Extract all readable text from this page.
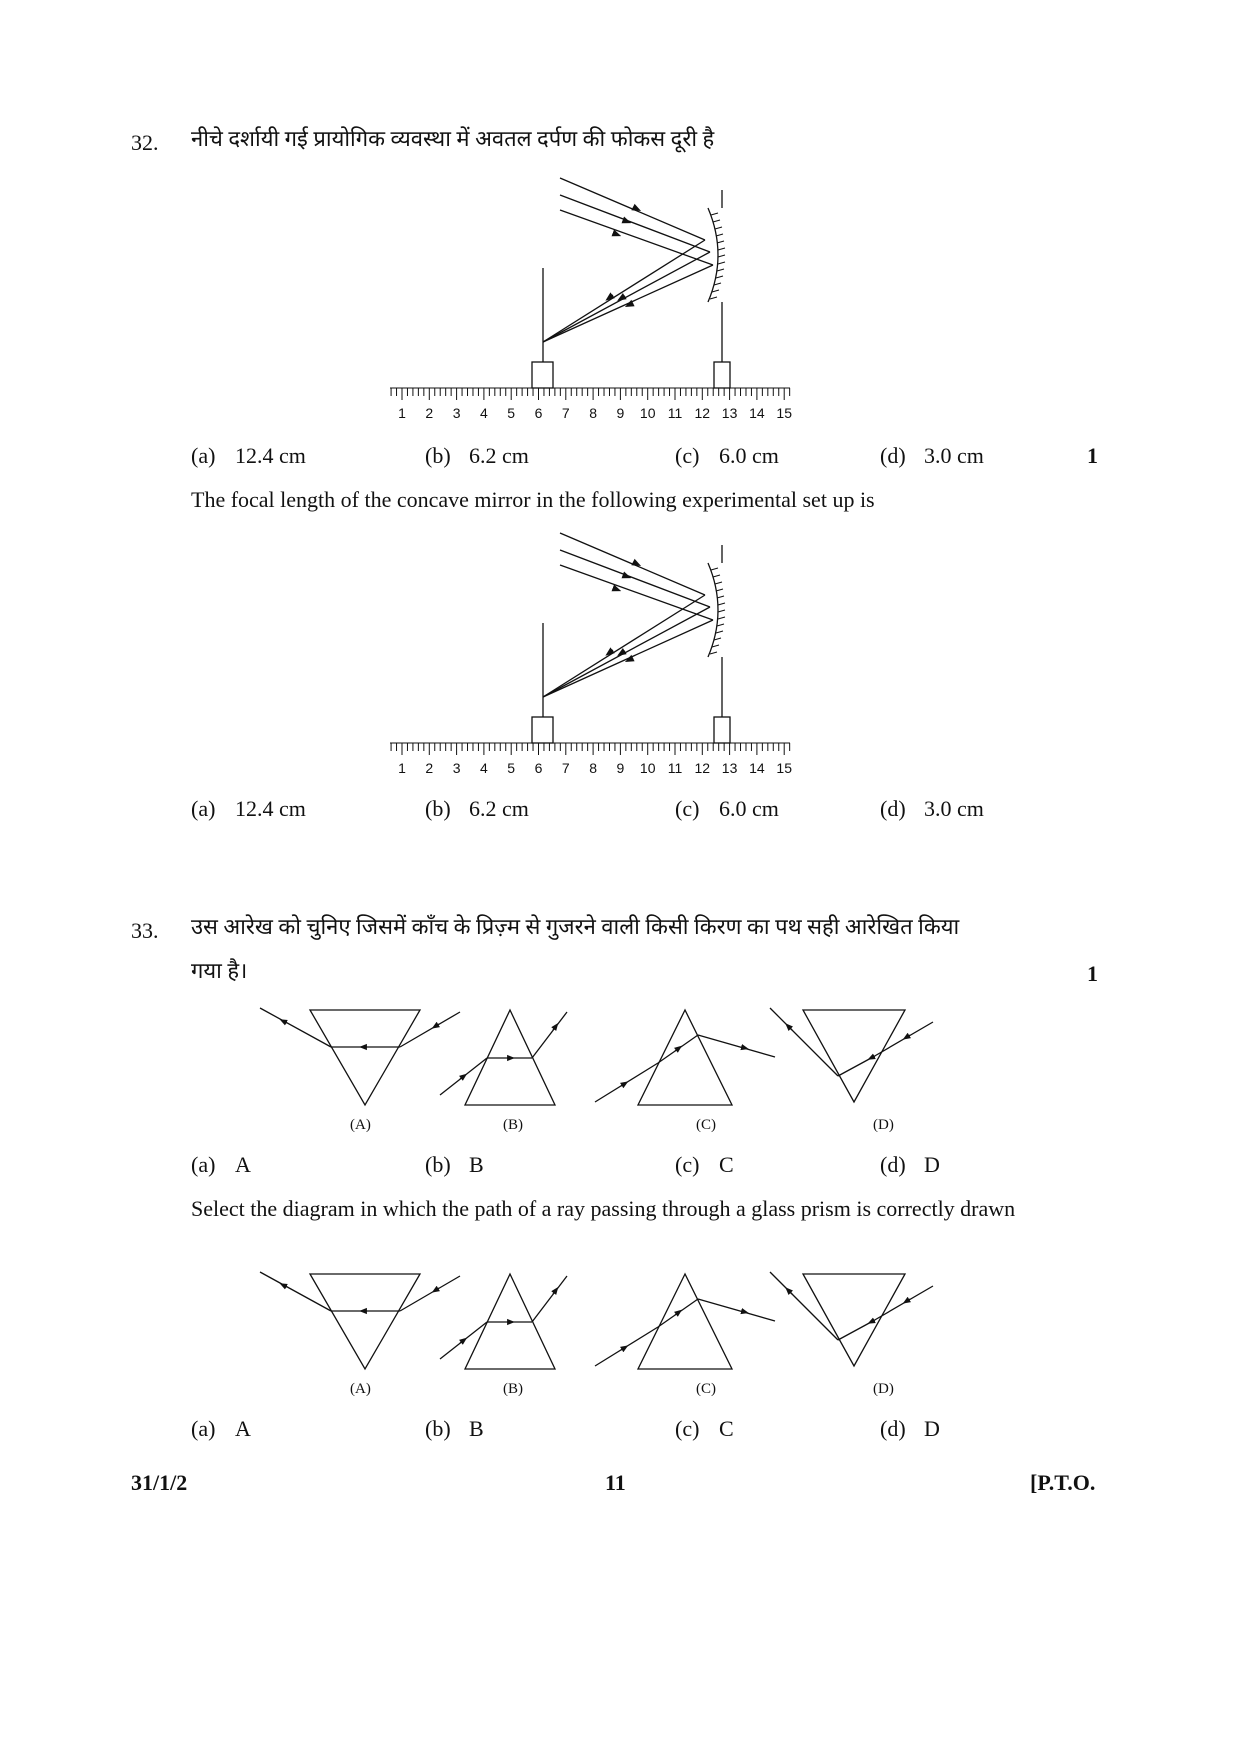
32. नीचे दर्शायी गई प्रायोगिक व्यवस्था में अवतल दर्पण की फोकस दूरी है
1 2 3 4 5 6 7 8 9 10 11 12 13 14 15
(a) 12.4 cm	(b) 6.2 cm	(c) 6.0 cm	(d) 3.0 cm	1
The focal length of the concave mirror in the following experimental set up is
1 2 3 4 5 6 7 8 9 10 11 12 13 14 15
(a) 12.4 cm	(b) 6.2 cm	(c) 6.0 cm	(d) 3.0 cm
33. उस आरेख को चुनिए जिसमें काँच के प्रिज़्म से गुजरने वाली किसी किरण का पथ सही आरेखित किया
गया है।	1
(A)	(B)	(C)	(D)
(a) A	(b) B	(c) C	(d) D
Select the diagram in which the path of a ray passing through a glass prism is correctly drawn
(A)	(B)	(C)	(D)
(a) A	(b) B	(c) C	(d) D
31/1/2	11	[P.T.O.
